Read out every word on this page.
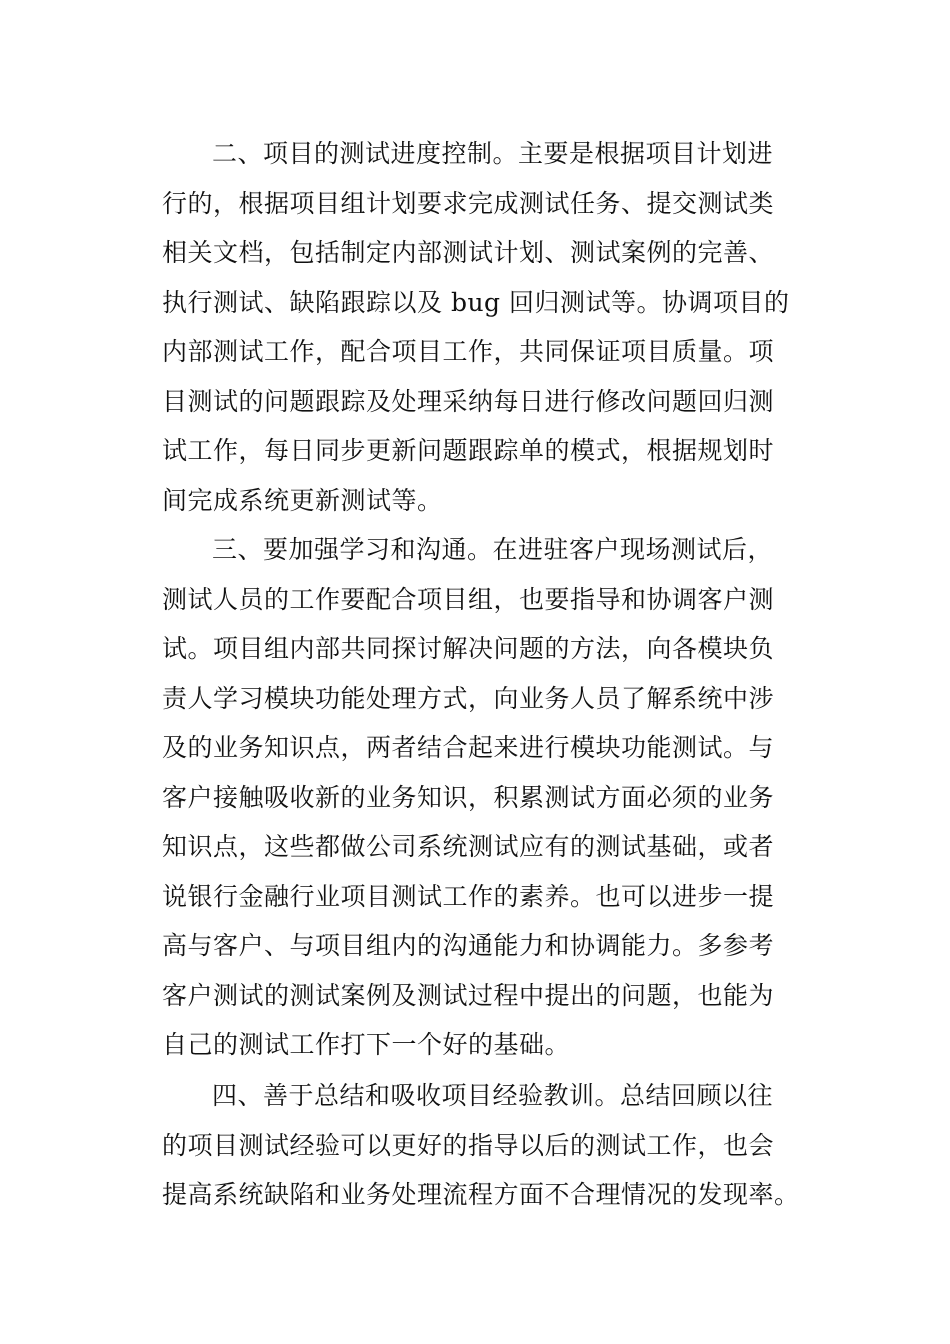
二、项目的测试进度控制。主要是根据项目计划进
行的，根据项目组计划要求完成测试任务、提交测试类
相关文档，包括制定内部测试计划、测试案例的完善、
执行测试、缺陷跟踪以及 bug 回归测试等。协调项目的
内部测试工作，配合项目工作，共同保证项目质量。项
目测试的问题跟踪及处理采纳每日进行修改问题回归测
试工作，每日同步更新问题跟踪单的模式，根据规划时
间完成系统更新测试等。
三、要加强学习和沟通。在进驻客户现场测试后，
测试人员的工作要配合项目组，也要指导和协调客户测
试。项目组内部共同探讨解决问题的方法，向各模块负
责人学习模块功能处理方式，向业务人员了解系统中涉
及的业务知识点，两者结合起来进行模块功能测试。与
客户接触吸收新的业务知识，积累测试方面必须的业务
知识点，这些都做公司系统测试应有的测试基础，或者
说银行金融行业项目测试工作的素养。也可以进步一提
高与客户、与项目组内的沟通能力和协调能力。多参考
客户测试的测试案例及测试过程中提出的问题，也能为
自己的测试工作打下一个好的基础。
四、善于总结和吸收项目经验教训。总结回顾以往
的项目测试经验可以更好的指导以后的测试工作，也会
提高系统缺陷和业务处理流程方面不合理情况的发现率。
